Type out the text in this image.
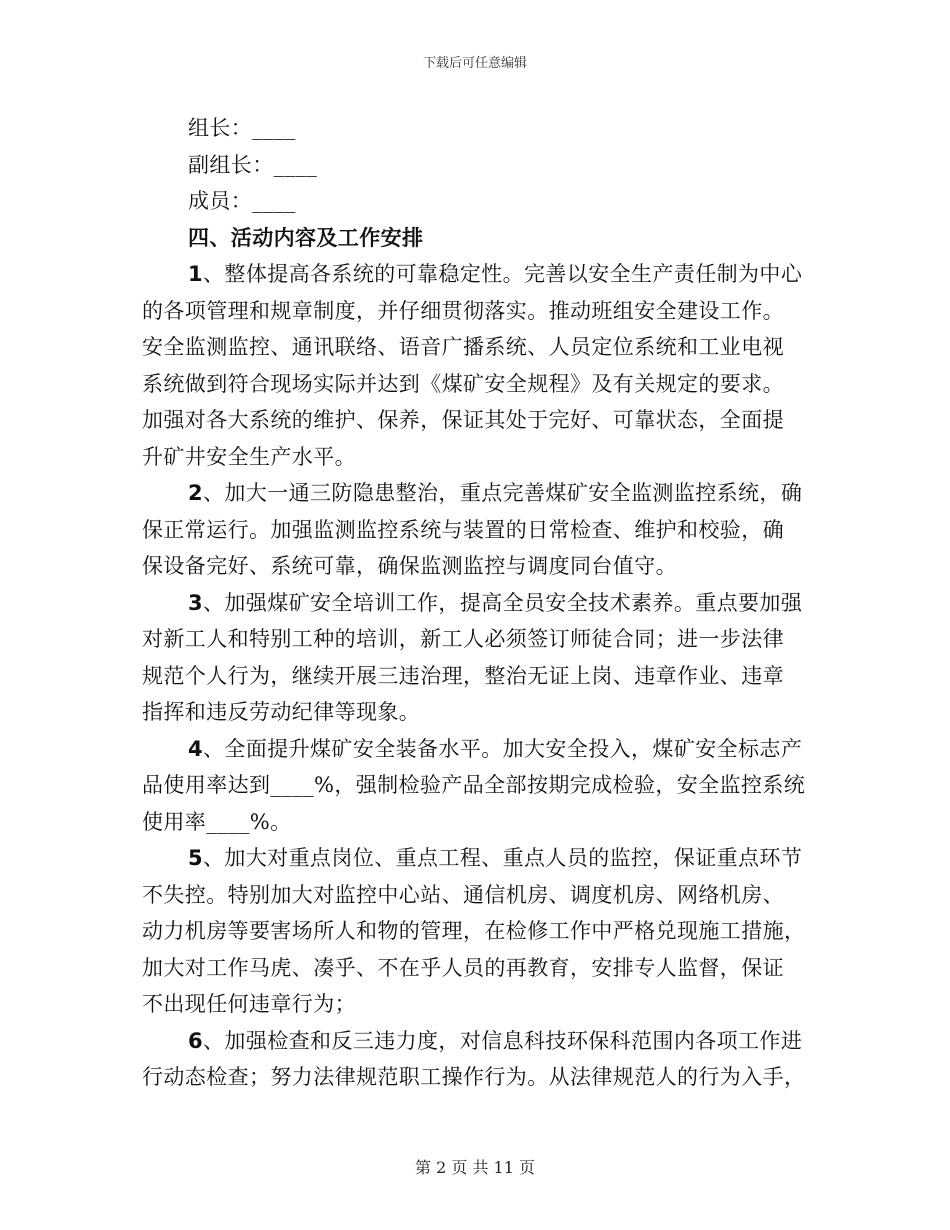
下载后可任意编辑
组长：____
副组长：____
成员：____
四、活动内容及工作安排
1、整体提高各系统的可靠稳定性。完善以安全生产责任制为中心
的各项管理和规章制度，并仔细贯彻落实。推动班组安全建设工作。
安全监测监控、通讯联络、语音广播系统、人员定位系统和工业电视
系统做到符合现场实际并达到《煤矿安全规程》及有关规定的要求。
加强对各大系统的维护、保养，保证其处于完好、可靠状态，全面提
升矿井安全生产水平。
2、加大一通三防隐患整治，重点完善煤矿安全监测监控系统，确
保正常运行。加强监测监控系统与装置的日常检查、维护和校验，确
保设备完好、系统可靠，确保监测监控与调度同台值守。
3、加强煤矿安全培训工作，提高全员安全技术素养。重点要加强
对新工人和特别工种的培训，新工人必须签订师徒合同；进一步法律
规范个人行为，继续开展三违治理，整治无证上岗、违章作业、违章
指挥和违反劳动纪律等现象。
4、全面提升煤矿安全装备水平。加大安全投入，煤矿安全标志产
品使用率达到____%，强制检验产品全部按期完成检验，安全监控系统
使用率____%。
5、加大对重点岗位、重点工程、重点人员的监控，保证重点环节
不失控。特别加大对监控中心站、通信机房、调度机房、网络机房、
动力机房等要害场所人和物的管理，在检修工作中严格兑现施工措施，
加大对工作马虎、凑乎、不在乎人员的再教育，安排专人监督，保证
不出现任何违章行为；
6、加强检查和反三违力度，对信息科技环保科范围内各项工作进
行动态检查；努力法律规范职工操作行为。从法律规范人的行为入手，
第 2 页 共 11 页
